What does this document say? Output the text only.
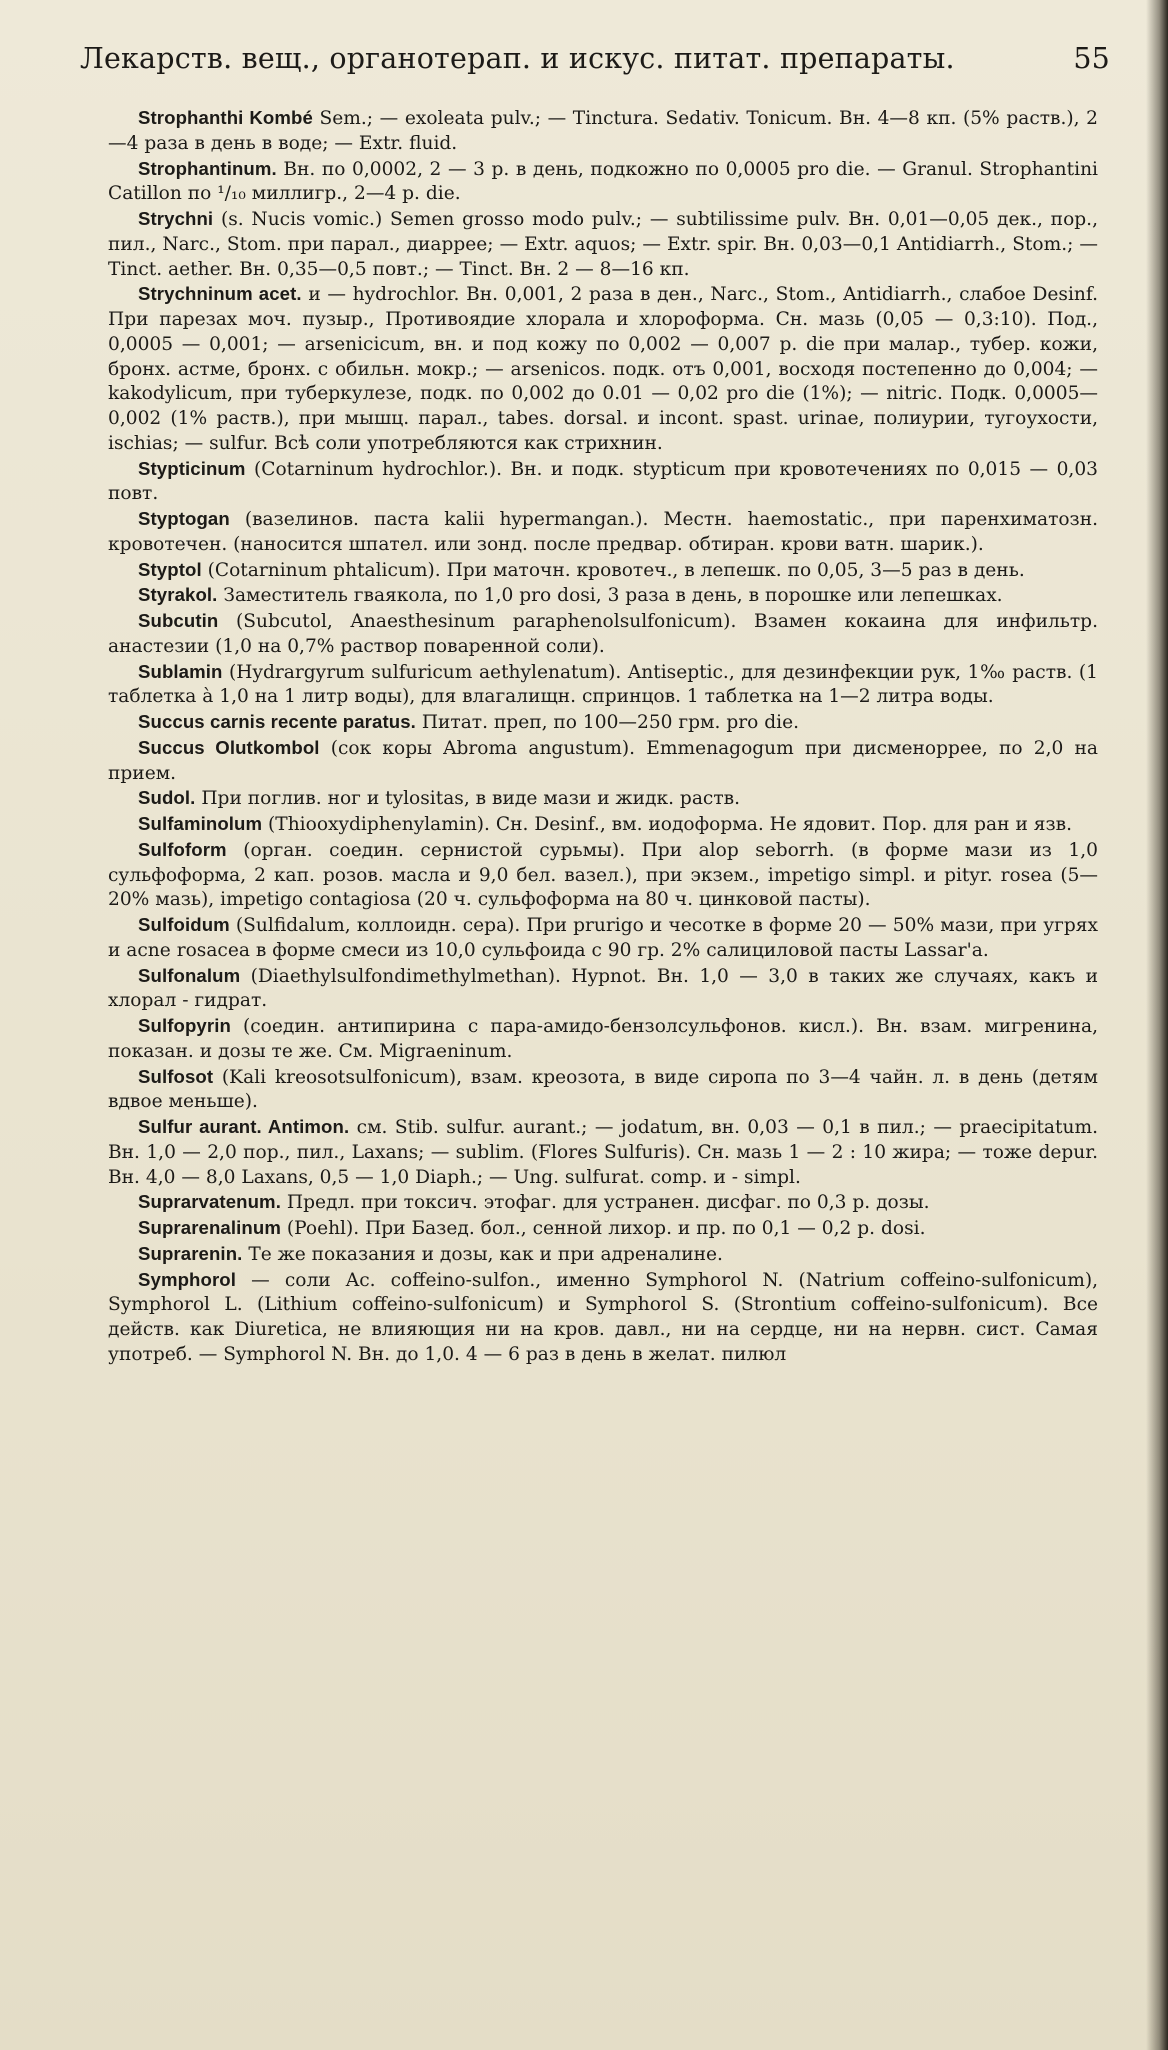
Лекарств. вещ., органотерап. и искус. питат. препараты.	55

Strophanthi Kombé Sem.; — exoleata pulv.; — Tinctura. Sedativ. Tonicum. Вн. 4—8 кп. (5% раств.), 2—4 раза в день в воде; — Extr. fluid.

Strophantinum. Вн. по 0,0002, 2 — 3 р. в день, подкожно по 0,0005 pro die. — Granul. Strophantini Catillon по ¹/₁₀ миллигр., 2—4 р. die.

Strychni (s. Nucis vomic.) Semen grosso modo pulv.; — subtilissime pulv. Вн. 0,01—0,05 дек., пор., пил., Narc., Stom. при парал., диаррее; — Extr. aquos; — Extr. spir. Вн. 0,03—0,1 Antidiarrh., Stom.; — Tinct. aether. Вн. 0,35—0,5 повт.; — Tinct. Вн. 2 — 8—16 кп.

Strychninum acet. и — hydrochlor. Вн. 0,001, 2 раза в ден., Narc., Stom., Antidiarrh., слабое Desinf. При парезах моч. пузыр., Противоядие хлорала и хлороформа. Сн. мазь (0,05 — 0,3:10). Под., 0,0005 — 0,001; — arsenicicum, вн. и под кожу по 0,002 — 0,007 p. die при малар., тубер. кожи, бронх. астме, бронх. с обильн. мокр.; — arsenicos. подк. отъ 0,001, восходя постепенно до 0,004; — kakodylicum, при туберкулезе, подк. по 0,002 до 0.01 — 0,02 pro die (1%); — nitric. Подк. 0,0005—0,002 (1% раств.), при мышц. парал., tabes. dorsal. и incont. spast. urinae, полиурии, тугоухости, ischias; — sulfur. Всѣ соли употребляются как стрихнин.

Stypticinum (Cotarninum hydrochlor.). Вн. и подк. stypticum при кровотечениях по 0,015 — 0,03 повт.

Styptogan (вазелинов. паста kalii hypermangan.). Местн. haemostatic., при паренхиматозн. кровотечен. (наносится шпател. или зонд. после предвар. обтиран. крови ватн. шарик.).

Styptol (Cotarninum phtalicum). При маточн. кровотеч., в лепешк. по 0,05, 3—5 раз в день.

Styrakol. Заместитель гваякола, по 1,0 pro dosi, 3 раза в день, в порошке или лепешках.

Subcutin (Subcutol, Anaesthesinum paraphenolsulfonicum). Взамен кокаина для инфильтр. анастезии (1,0 на 0,7% раствор поваренной соли).

Sublamin (Hydrargyrum sulfuricum aethylenatum). Antiseptic., для дезинфекции рук, 1‰ раств. (1 таблетка à 1,0 на 1 литр воды), для влагалищн. спринцов. 1 таблетка на 1—2 литра воды.

Succus carnis recente paratus. Питат. преп, по 100—250 грм. pro die.

Succus Olutkombol (сок коры Abroma angustum). Emmenagogum при дисменоррее, по 2,0 на прием.

Sudol. При поглив. ног и tylositas, в виде мази и жидк. раств.

Sulfaminolum (Thiooxydiphenylamin). Сн. Desinf., вм. иодоформа. Не ядовит. Пор. для ран и язв.

Sulfoform (орган. соедин. сернистой сурьмы). При alop seborrh. (в форме мази из 1,0 сульфоформа, 2 кап. розов. масла и 9,0 бел. вазел.), при экзем., impetigo simpl. и pityr. rosea (5—20% мазь), impetigo contagiosa (20 ч. сульфоформа на 80 ч. цинковой пасты).

Sulfoidum (Sulfidalum, коллоидн. сера). При prurigo и чесотке в форме 20 — 50% мази, при угрях и acne rosacea в форме смеси из 10,0 сульфоида с 90 гр. 2% салициловой пасты Lassar'a.

Sulfonalum (Diaethylsulfondimethylmethan). Hypnot. Вн. 1,0 — 3,0 в таких же случаях, какъ и хлорал - гидрат.

Sulfopyrin (соедин. антипирина с пара-амидо-бензолсульфонов. кисл.). Вн. взам. мигренина, показан. и дозы те же. См. Migraeninum.

Sulfosot (Kali kreosotsulfonicum), взам. креозота, в виде сиропа по 3—4 чайн. л. в день (детям вдвое меньше).

Sulfur aurant. Antimon. см. Stib. sulfur. aurant.; — jodatum, вн. 0,03 — 0,1 в пил.; — praecipitatum. Вн. 1,0 — 2,0 пор., пил., Laxans; — sublim. (Flores Sulfuris). Сн. мазь 1 — 2 : 10 жира; — тоже depur. Вн. 4,0 — 8,0 Laxans, 0,5 — 1,0 Diaph.; — Ung. sulfurat. comp. и - simpl.

Suprarvatenum. Предл. при токсич. этофаг. для устранен. дисфаг. по 0,3 р. дозы.

Suprarenalinum (Poehl). При Базед. бол., сенной лихор. и пр. по 0,1 — 0,2 р. dosi.

Suprarenin. Те же показания и дозы, как и при адреналине.

Symphorol — соли Ac. coffeino-sulfon., именно Symphorol N. (Natrium coffeino-sulfonicum), Symphorol L. (Lithium coffeino-sulfonicum) и Symphorol S. (Strontium coffeino-sulfonicum). Все действ. как Diuretica, не влияющия ни на кров. давл., ни на сердце, ни на нервн. сист. Самая употреб. — Symphorol N. Вн. до 1,0. 4 — 6 раз в день в желат. пилюл
